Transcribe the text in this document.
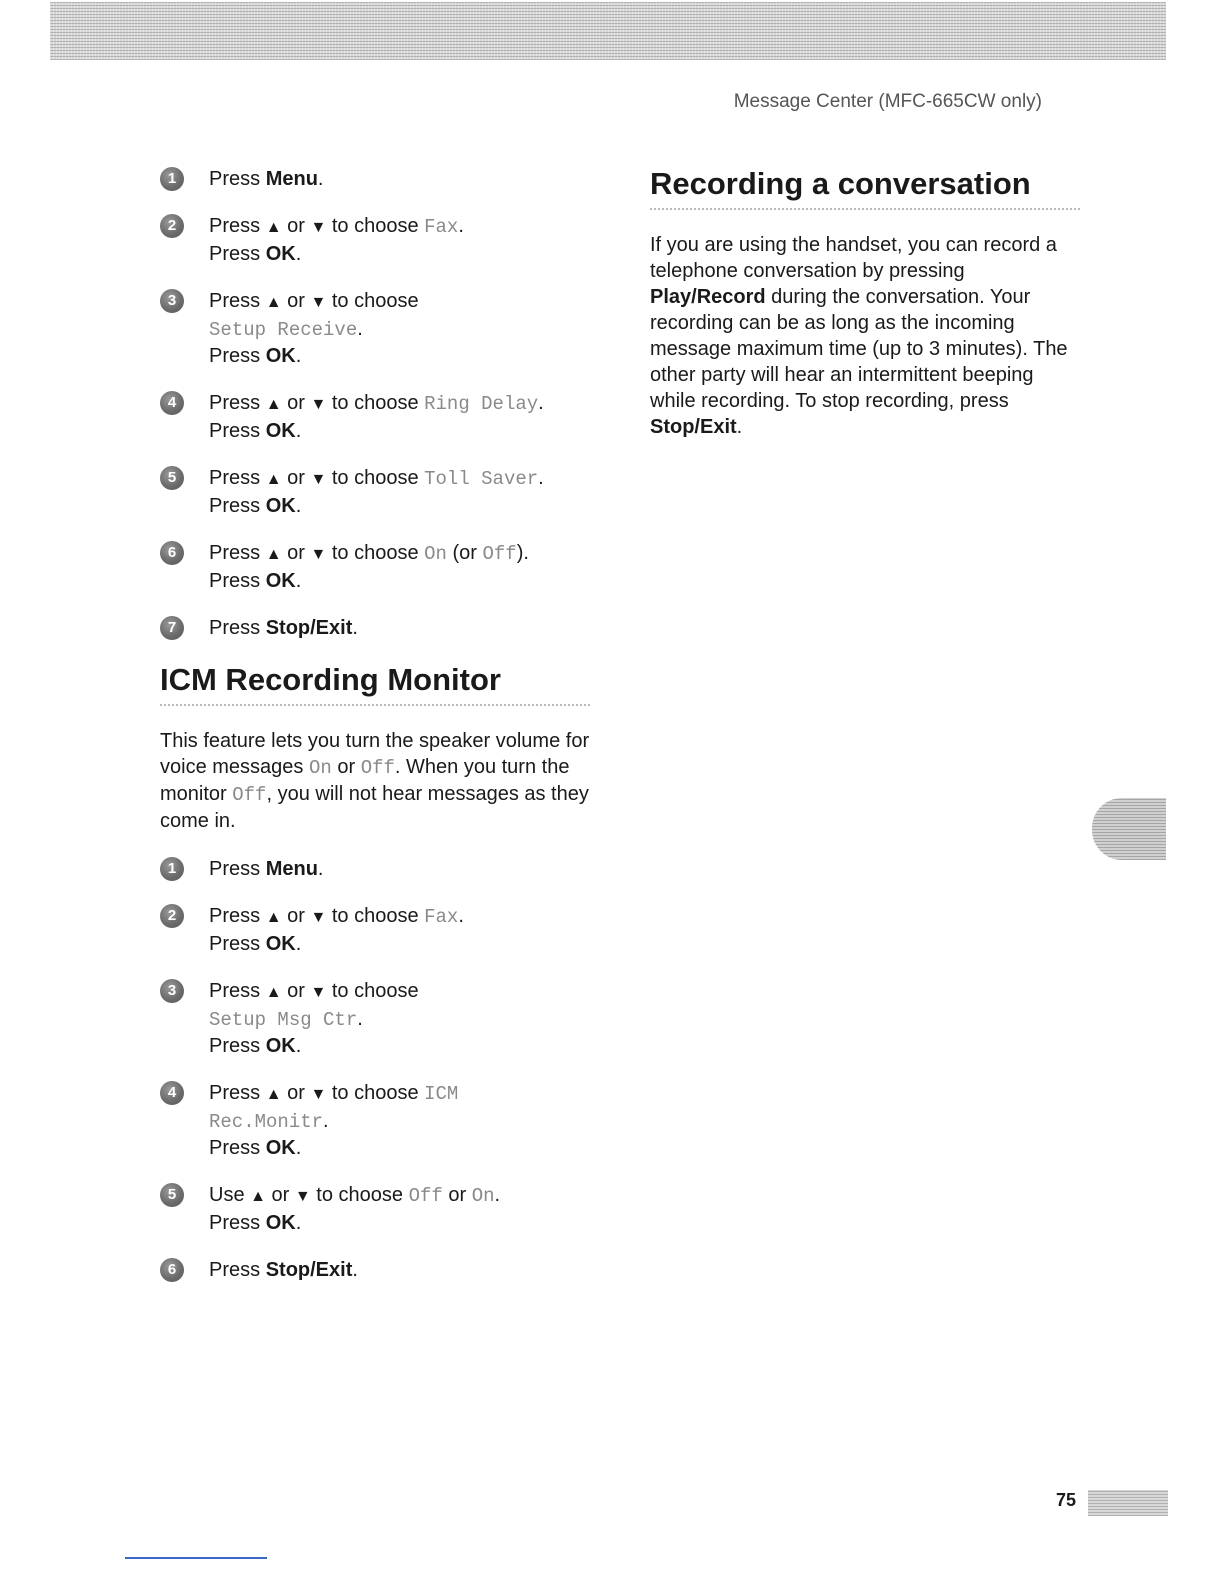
Message Center (MFC-665CW only)
1	Press Menu.
2	Press ▲ or ▼ to choose Fax.
Press OK.
3	Press ▲ or ▼ to choose
Setup Receive.
Press OK.
4	Press ▲ or ▼ to choose Ring Delay.
Press OK.
5	Press ▲ or ▼ to choose Toll Saver.
Press OK.
6	Press ▲ or ▼ to choose On (or Off).
Press OK.
7	Press Stop/Exit.
ICM Recording Monitor

This feature lets you turn the speaker volume for voice messages On or Off. When you turn the monitor Off, you will not hear messages as they come in.

1	Press Menu.
2	Press ▲ or ▼ to choose Fax.
Press OK.
3	Press ▲ or ▼ to choose
Setup Msg Ctr.
Press OK.
4	Press ▲ or ▼ to choose ICM
Rec.Monitr.
Press OK.
5	Use ▲ or ▼ to choose Off or On.
Press OK.
6	Press Stop/Exit.
Recording a conversation

If you are using the handset, you can record a telephone conversation by pressing Play/Record during the conversation. Your recording can be as long as the incoming message maximum time (up to 3 minutes). The other party will hear an intermittent beeping while recording. To stop recording, press Stop/Exit.

75
